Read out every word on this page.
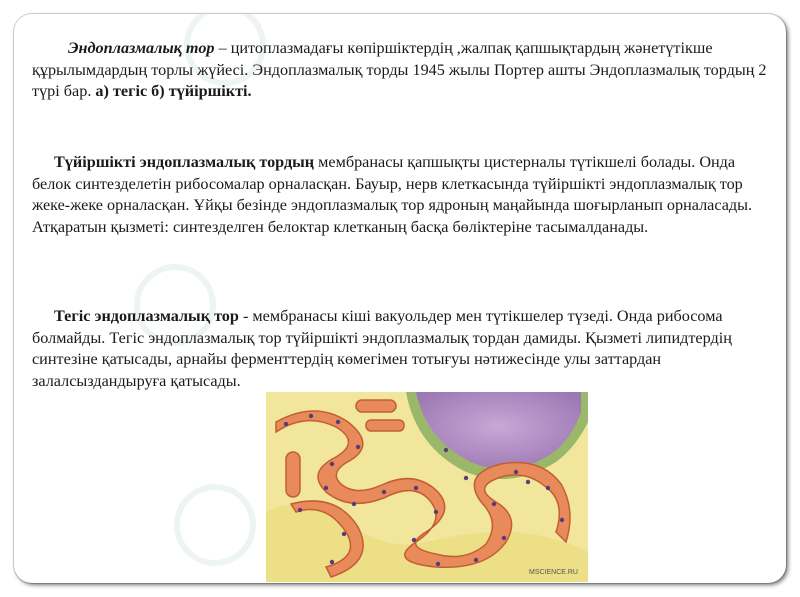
Эндоплазмалық тор – цитоплазмадағы көпіршіктердің ,жалпақ қапшықтардың жәнетүтікше құрылымдардың торлы жүйесі. Эндоплазмалық торды 1945 жылы Портер ашты Эндоплазмалық тордың 2 түрі бар. а) тегіс б) түйіршікті.

Түйіршікті эндоплазмалық тордың мембранасы қапшықты цистерналы түтікшелі болады. Онда белок синтезделетін рибосомалар орналасқан. Бауыр, нерв клеткасында түйіршікті эндоплазмалық тор жеке-жеке орналасқан. Ұйқы безінде эндоплазмалық тор ядроның маңайында шоғырланып орналасады. Атқаратын қызметі: синтезделген белоктар клетканың басқа бөліктеріне тасымалданады.

Тегіс эндоплазмалық тор - мембранасы кіші вакуольдер мен түтікшелер түзеді. Онда рибосома болмайды. Тегіс эндоплазмалық тор түйіршікті эндоплазмалық тордан дамиды. Қызметі липидтердің синтезіне қатысады, арнайы ферменттердің көмегімен тотығуы нәтижесінде улы заттардан залалсыздандыруға қатысады.

MSCIENCE.RU
